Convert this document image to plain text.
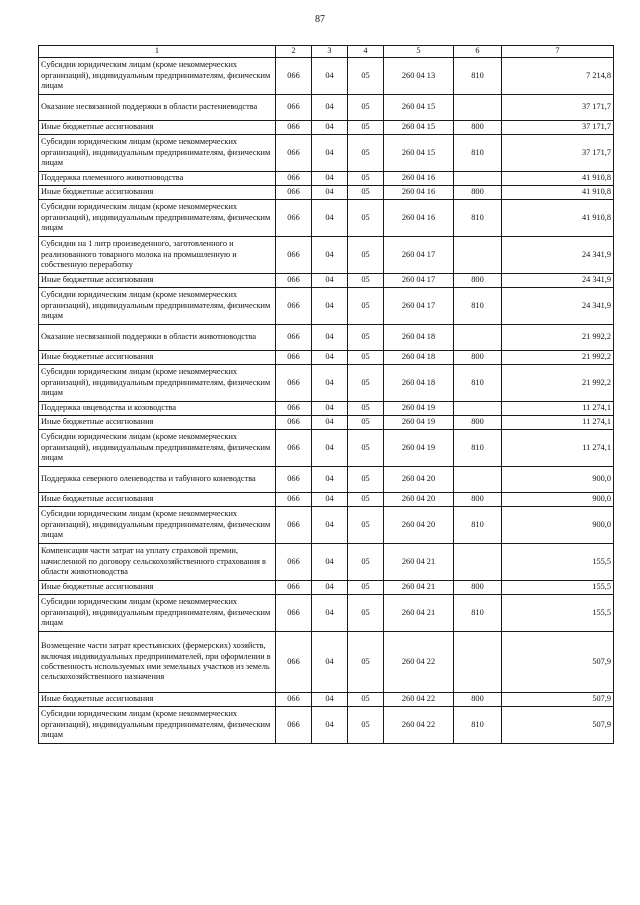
87
1	2	3	4	5	6	7
Субсидии юридическим лицам (кроме некоммерческих организаций), индивидуальным предпринимателям, физическим лицам	066	04	05	260 04 13	810	7 214,8
Оказание несвязанной поддержки в области растениеводства	066	04	05	260 04 15		37 171,7
Иные бюджетные ассигнования	066	04	05	260 04 15	800	37 171,7
Субсидии юридическим лицам (кроме некоммерческих организаций), индивидуальным предпринимателям, физическим лицам	066	04	05	260 04 15	810	37 171,7
Поддержка племенного животноводства	066	04	05	260 04 16		41 910,8
Иные бюджетные ассигнования	066	04	05	260 04 16	800	41 910,8
Субсидии юридическим лицам (кроме некоммерческих организаций), индивидуальным предпринимателям, физическим лицам	066	04	05	260 04 16	810	41 910,8
Субсидии на 1 литр произведенного, заготовленного и реализованного товарного молока на промышленную и собственную переработку	066	04	05	260 04 17		24 341,9
Иные бюджетные ассигнования	066	04	05	260 04 17	800	24 341,9
Субсидии юридическим лицам (кроме некоммерческих организаций), индивидуальным предпринимателям, физическим лицам	066	04	05	260 04 17	810	24 341,9
Оказание несвязанной поддержки в области животноводства	066	04	05	260 04 18		21 992,2
Иные бюджетные ассигнования	066	04	05	260 04 18	800	21 992,2
Субсидии юридическим лицам (кроме некоммерческих организаций), индивидуальным предпринимателям, физическим лицам	066	04	05	260 04 18	810	21 992,2
Поддержка овцеводства и козоводства	066	04	05	260 04 19		11 274,1
Иные бюджетные ассигнования	066	04	05	260 04 19	800	11 274,1
Субсидии юридическим лицам (кроме некоммерческих организаций), индивидуальным предпринимателям, физическим лицам	066	04	05	260 04 19	810	11 274,1
Поддержка северного оленеводства и табунного коневодства	066	04	05	260 04 20		900,0
Иные бюджетные ассигнования	066	04	05	260 04 20	800	900,0
Субсидии юридическим лицам (кроме некоммерческих организаций), индивидуальным предпринимателям, физическим лицам	066	04	05	260 04 20	810	900,0
Компенсация части затрат на уплату страховой премии, начисленной по договору сельскохозяйственного страхования в области животноводства	066	04	05	260 04 21		155,5
Иные бюджетные ассигнования	066	04	05	260 04 21	800	155,5
Субсидии юридическим лицам (кроме некоммерческих организаций), индивидуальным предпринимателям, физическим лицам	066	04	05	260 04 21	810	155,5
Возмещение части затрат крестьянских (фермерских) хозяйств, включая индивидуальных предпринимателей, при оформлении в собственность используемых ими земельных участков из земель сельскохозяйственного назначения	066	04	05	260 04 22		507,9
Иные бюджетные ассигнования	066	04	05	260 04 22	800	507,9
Субсидии юридическим лицам (кроме некоммерческих организаций), индивидуальным предпринимателям, физическим лицам	066	04	05	260 04 22	810	507,9
